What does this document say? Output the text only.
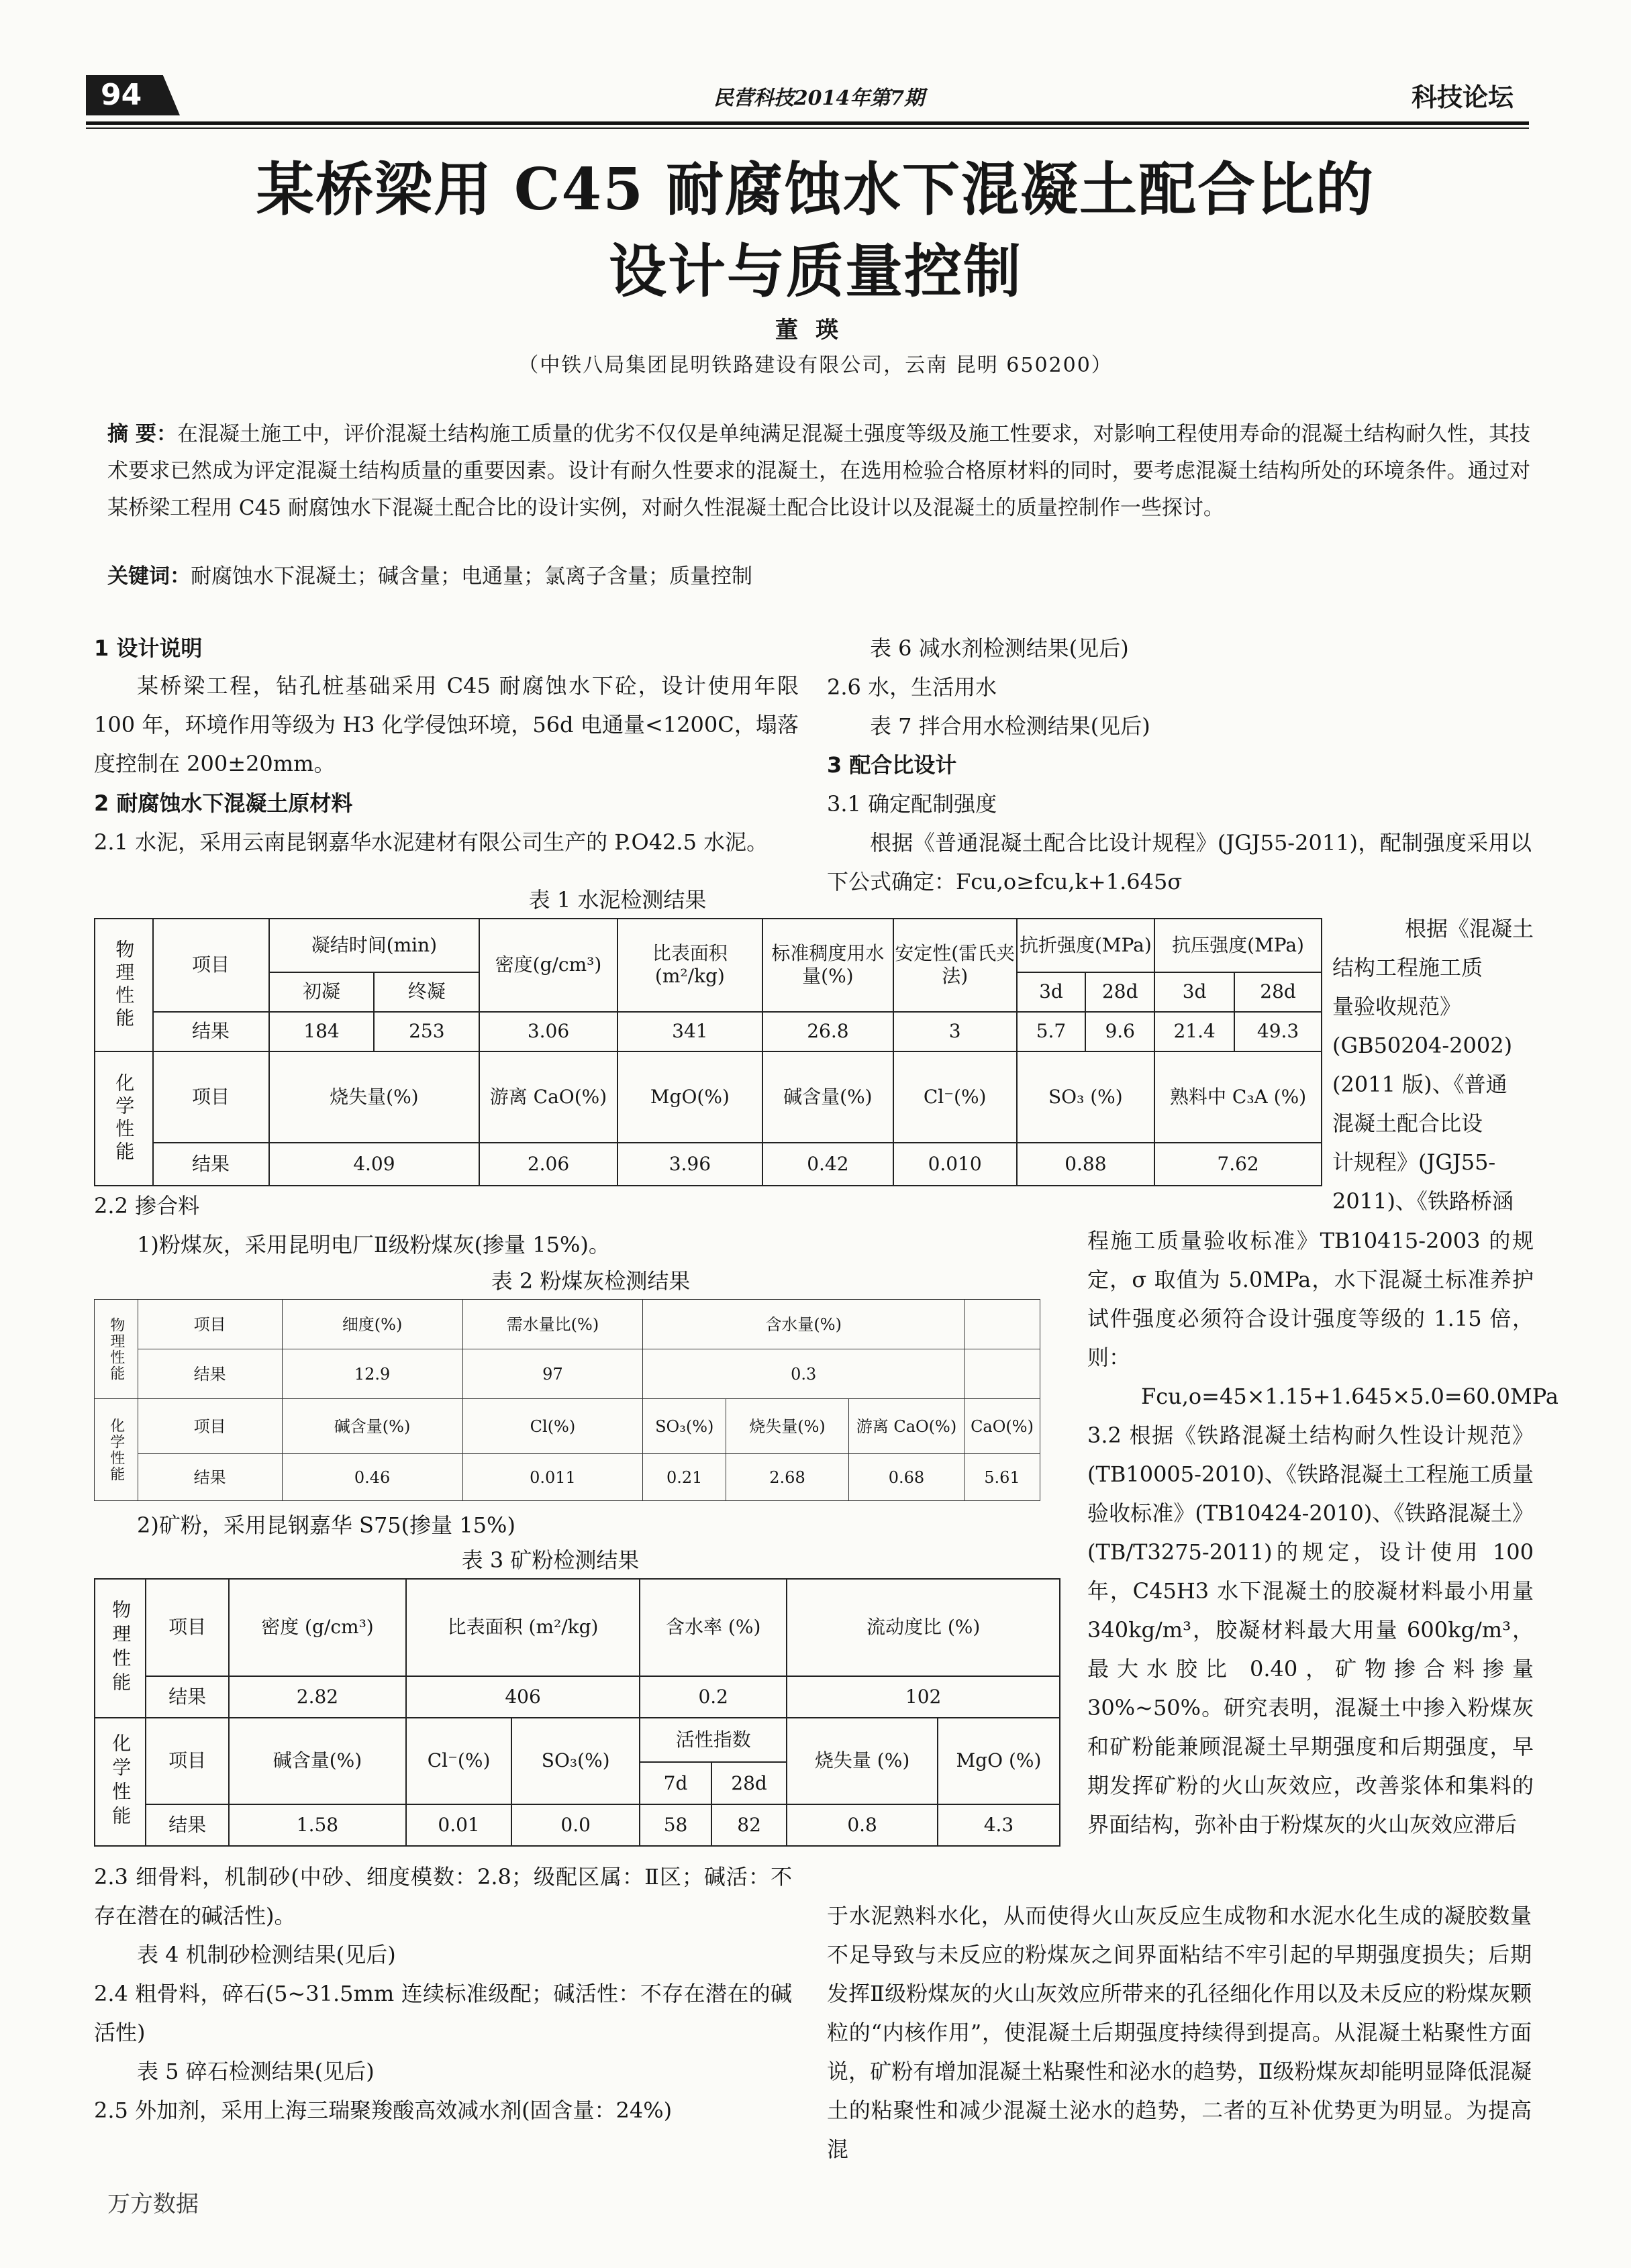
94	民营科技2014年第7期	科技论坛
某桥梁用 C45 耐腐蚀水下混凝土配合比的
设计与质量控制
董瑛
（中铁八局集团昆明铁路建设有限公司，云南 昆明 650200）
摘 要：在混凝土施工中，评价混凝土结构施工质量的优劣不仅仅是单纯满足混凝土强度等级及施工性要求，对影响工程使用寿命的混凝土结构耐久性，其技术要求已然成为评定混凝土结构质量的重要因素。设计有耐久性要求的混凝土，在选用检验合格原材料的同时，要考虑混凝土结构所处的环境条件。通过对某桥梁工程用 C45 耐腐蚀水下混凝土配合比的设计实例，对耐久性混凝土配合比设计以及混凝土的质量控制作一些探讨。
关键词：耐腐蚀水下混凝土；碱含量；电通量；氯离子含量；质量控制
1 设计说明
某桥梁工程，钻孔桩基础采用 C45 耐腐蚀水下砼，设计使用年限 100 年，环境作用等级为 H3 化学侵蚀环境，56d 电通量<1200C，塌落度控制在 200±20mm。
2 耐腐蚀水下混凝土原材料
2.1 水泥，采用云南昆钢嘉华水泥建材有限公司生产的 P.O42.5 水泥。
表 1 水泥检测结果
物理性能	项目	凝结时间(min)		密度(g/cm³)	比表面积(m²/kg)	标准稠度用水量(%)	安定性(雷氏夹法)	抗折强度(MPa)		抗压强度(MPa)	
		初凝	终凝					3d	28d	3d	28d
	结果	184	253	3.06	341	26.8	3	5.7	9.6	21.4	49.3
化学性能	项目	烧失量(%)		游离 CaO(%)	MgO(%)	碱含量(%)	Cl⁻(%)	SO₃ (%)		熟料中 C₃A (%)	
	结果	4.09		2.06	3.96	0.42	0.010	0.88		7.62	
根据《混凝土
结构工程施工质
量验收规范》
(GB50204-2002)
(2011 版)、《普通
混凝土配合比设
计规程》(JGJ55-
2011)、《铁路桥涵
2.2 掺合料
1)粉煤灰，采用昆明电厂Ⅱ级粉煤灰(掺量 15%)。
表 2 粉煤灰检测结果
物理性能	项目	细度(%)	需水量比(%)	含水量(%)			
	结果	12.9	97	0.3			
化学性能	项目	碱含量(%)	Cl(%)	SO₃(%)	烧失量(%)	游离 CaO(%)	CaO(%)
	结果	0.46	0.011	0.21	2.68	0.68	5.61
2)矿粉，采用昆钢嘉华 S75(掺量 15%)
表 3 矿粉检测结果
物理性能	项目	密度 (g/cm³)	比表面积 (m²/kg)		含水率 (%)		流动度比 (%)	
	结果	2.82	406		0.2		102	
化学性能	项目	碱含量(%)	Cl⁻(%)	SO₃(%)	活性指数		烧失量 (%)	MgO (%)
					7d	28d		
	结果	1.58	0.01	0.0	58	82	0.8	4.3
2.3 细骨料，机制砂(中砂、细度模数：2.8；级配区属：Ⅱ区；碱活：不存在潜在的碱活性)。
表 4 机制砂检测结果(见后)
2.4 粗骨料，碎石(5~31.5mm 连续标准级配；碱活性：不存在潜在的碱活性)
表 5 碎石检测结果(见后)
2.5 外加剂，采用上海三瑞聚羧酸高效减水剂(固含量：24%)
表 6 减水剂检测结果(见后)
2.6 水，生活用水
表 7 拌合用水检测结果(见后)
3 配合比设计
3.1 确定配制强度
根据《普通混凝土配合比设计规程》(JGJ55-2011)，配制强度采用以下公式确定：Fcu,o≥fcu,k+1.645σ
程施工质量验收标准》TB10415-2003 的规定，σ 取值为 5.0MPa，水下混凝土标准养护试件强度必须符合设计强度等级的 1.15 倍，则：
Fcu,o=45×1.15+1.645×5.0=60.0MPa
3.2 根据《铁路混凝土结构耐久性设计规范》(TB10005-2010)、《铁路混凝土工程施工质量验收标准》(TB10424-2010)、《铁路混凝土》(TB/T3275-2011)的规定，设计使用 100 年，C45H3 水下混凝土的胶凝材料最小用量 340kg/m³，胶凝材料最大用量 600kg/m³，最大水胶比 0.40，矿物掺合料掺量 30%~50%。研究表明，混凝土中掺入粉煤灰和矿粉能兼顾混凝土早期强度和后期强度，早期发挥矿粉的火山灰效应，改善浆体和集料的界面结构，弥补由于粉煤灰的火山灰效应滞后
于水泥熟料水化，从而使得火山灰反应生成物和水泥水化生成的凝胶数量不足导致与未反应的粉煤灰之间界面粘结不牢引起的早期强度损失；后期发挥Ⅱ级粉煤灰的火山灰效应所带来的孔径细化作用以及未反应的粉煤灰颗粒的“内核作用”，使混凝土后期强度持续得到提高。从混凝土粘聚性方面说，矿粉有增加混凝土粘聚性和泌水的趋势，Ⅱ级粉煤灰却能明显降低混凝土的粘聚性和减少混凝土泌水的趋势，二者的互补优势更为明显。为提高混
万方数据
